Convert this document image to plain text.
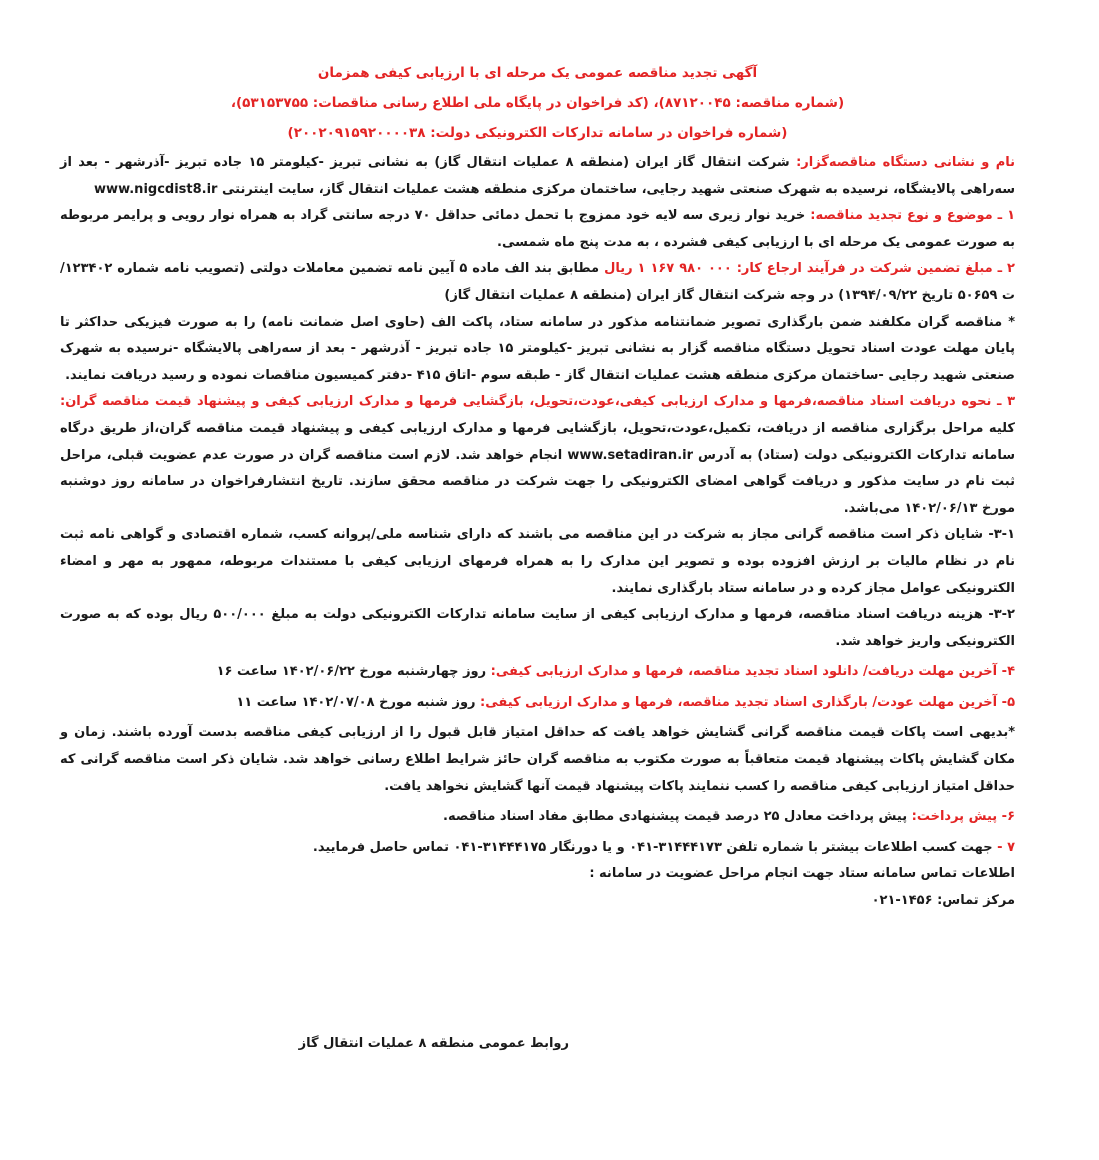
آگهی تجدید مناقصه عمومی یک مرحله ای با ارزیابی کیفی همزمان
(شماره مناقصه: ۸۷۱۲۰۰۴۵)، (کد فراخوان در پایگاه ملی اطلاع رسانی مناقصات: ۵۳۱۵۳۷۵۵)،
(شماره فراخوان در سامانه تدارکات الکترونیکی دولت: ۲۰۰۲۰۹۱۵۹۲۰۰۰۰۳۸)

نام و نشانی دستگاه مناقصه‌گزار: شرکت انتقال گاز ایران (منطقه ۸ عملیات انتقال گاز) به نشانی تبریز -کیلومتر ۱۵ جاده تبریز -آذرشهر - بعد از سه‌راهی پالایشگاه، نرسیده به شهرک صنعتی شهید رجایی، ساختمان مرکزی منطقه هشت عملیات انتقال گاز، سایت اینترنتی www.nigcdist8.ir

۱ ـ موضوع و نوع تجدید مناقصه: خرید نوار زیری سه لایه خود ممزوج با تحمل دمائی حداقل ۷۰ درجه سانتی گراد به همراه نوار رویی و پرایمر مربوطه به صورت عمومی یک مرحله ای با ارزیابی کیفی فشرده ، به مدت پنج ماه شمسی.

۲ ـ مبلغ تضمین شرکت در فرآیند ارجاع کار: ۰۰۰ ۹۸۰ ۱۶۷ ۱ ریال مطابق بند الف ماده ۵ آیین نامه تضمین معاملات دولتی (تصویب نامه شماره ۱۲۳۴۰۲/ت ۵۰۶۵۹ تاریخ ۱۳۹۴/۰۹/۲۲) در وجه شرکت انتقال گاز ایران (منطقه ۸ عملیات انتقال گاز)

* مناقصه گران مکلفند ضمن بارگذاری تصویر ضمانتنامه مذکور در سامانه ستاد، پاکت الف (حاوی اصل ضمانت نامه) را به صورت فیزیکی حداکثر تا پایان مهلت عودت اسناد تحویل دستگاه مناقصه گزار به نشانی تبریز -کیلومتر ۱۵ جاده تبریز - آذرشهر - بعد از سه‌راهی پالایشگاه -نرسیده به شهرک صنعتی شهید رجایی -ساختمان مرکزی منطقه هشت عملیات انتقال گاز - طبقه سوم -اتاق ۴۱۵ -دفتر کمیسیون مناقصات نموده و رسید دریافت نمایند.

۳ ـ نحوه دریافت اسناد مناقصه،فرمها و مدارک ارزیابی کیفی،عودت،تحویل، بازگشایی فرمها و مدارک ارزیابی کیفی و پیشنهاد قیمت مناقصه گران: کلیه مراحل برگزاری مناقصه از دریافت، تکمیل،عودت،تحویل، بازگشایی فرمها و مدارک ارزیابی کیفی و پیشنهاد قیمت مناقصه گران،از طریق درگاه سامانه تدارکات الکترونیکی دولت (ستاد) به آدرس www.setadiran.ir انجام خواهد شد. لازم است مناقصه گران در صورت عدم عضویت قبلی، مراحل ثبت نام در سایت مذکور و دریافت گواهی امضای الکترونیکی را جهت شرکت در مناقصه محقق سازند. تاریخ انتشارفراخوان در سامانه روز دوشنبه مورخ ۱۴۰۲/۰۶/۱۳ می‌باشد.

۳-۱- شایان ذکر است مناقصه گرانی مجاز به شرکت در این مناقصه می باشند که دارای شناسه ملی/پروانه کسب، شماره اقتصادی و گواهی نامه ثبت نام در نظام مالیات بر ارزش افزوده بوده و تصویر این مدارک را به همراه فرمهای ارزیابی کیفی با مستندات مربوطه، ممهور به مهر و امضاء الکترونیکی عوامل مجاز کرده و در سامانه ستاد بارگذاری نمایند.

۳-۲- هزینه دریافت اسناد مناقصه، فرمها و مدارک ارزیابی کیفی از سایت سامانه تدارکات الکترونیکی دولت به مبلغ ۵۰۰/۰۰۰ ریال بوده که به صورت الکترونیکی واریز خواهد شد.

۴- آخرین مهلت دریافت/ دانلود اسناد تجدید مناقصه، فرمها و مدارک ارزیابی کیفی: روز چهارشنبه مورخ ۱۴۰۲/۰۶/۲۲ ساعت ۱۶

۵- آخرین مهلت عودت/ بارگذاری اسناد تجدید مناقصه، فرمها و مدارک ارزیابی کیفی: روز شنبه مورخ ۱۴۰۲/۰۷/۰۸ ساعت ۱۱

*بدیهی است پاکات قیمت مناقصه گرانی گشایش خواهد یافت که حداقل امتیاز قابل قبول را از ارزیابی کیفی مناقصه بدست آورده باشند. زمان و مکان گشایش پاکات پیشنهاد قیمت متعاقباً به صورت مکتوب به مناقصه گران حائز شرایط اطلاع رسانی خواهد شد. شایان ذکر است مناقصه گرانی که حداقل امتیاز ارزیابی کیفی مناقصه را کسب ننمایند پاکات پیشنهاد قیمت آنها گشایش نخواهد یافت.

۶- پیش پرداخت: پیش پرداخت معادل ۲۵ درصد قیمت پیشنهادی مطابق مفاد اسناد مناقصه.

۷ - جهت کسب اطلاعات بیشتر با شماره تلفن ۳۱۴۴۴۱۷۳-۰۴۱ و یا دورنگار ۳۱۴۴۴۱۷۵-۰۴۱ تماس حاصل فرمایید.

اطلاعات تماس سامانه ستاد جهت انجام مراحل عضویت در سامانه :
مرکز تماس: ۱۴۵۶-۰۲۱
روابط عمومی منطقه ۸ عملیات انتقال گاز
